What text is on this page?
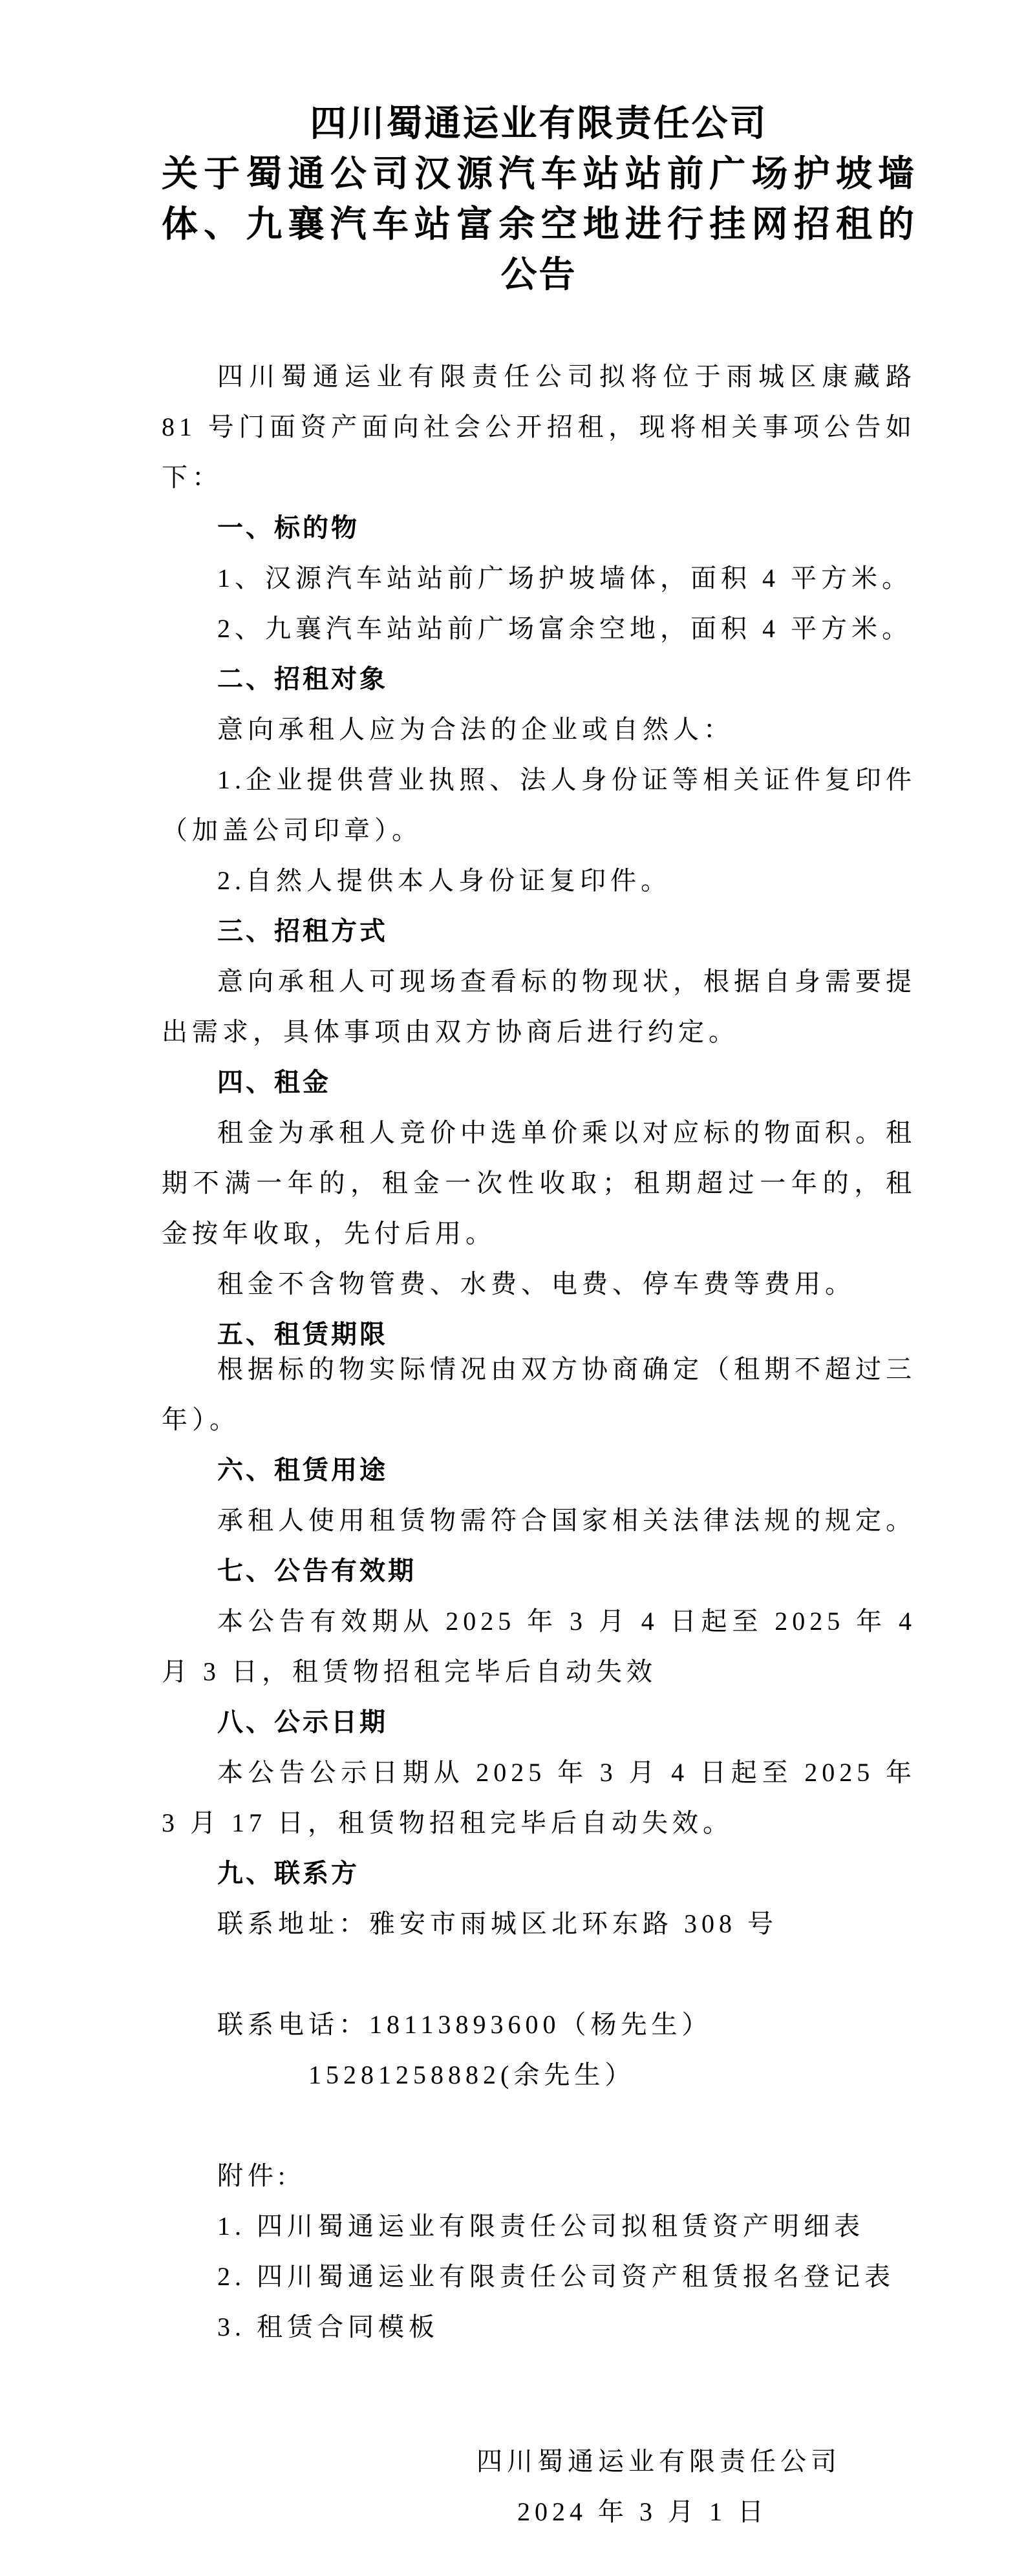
四川蜀通运业有限责任公司
关于蜀通公司汉源汽车站站前广场护坡墙
体、九襄汽车站富余空地进行挂网招租的
公告
四川蜀通运业有限责任公司拟将位于雨城区康藏路 81 号门面资产面向社会公开招租，现将相关事项公告如下：
一、标的物
1、汉源汽车站站前广场护坡墙体，面积 4 平方米。
2、九襄汽车站站前广场富余空地，面积 4 平方米。
二、招租对象
意向承租人应为合法的企业或自然人：
1.企业提供营业执照、法人身份证等相关证件复印件（加盖公司印章）。
2.自然人提供本人身份证复印件。
三、招租方式
意向承租人可现场查看标的物现状，根据自身需要提出需求，具体事项由双方协商后进行约定。
四、租金
租金为承租人竞价中选单价乘以对应标的物面积。租期不满一年的，租金一次性收取；租期超过一年的，租金按年收取，先付后用。
租金不含物管费、水费、电费、停车费等费用。
五、租赁期限
根据标的物实际情况由双方协商确定（租期不超过三年）。
六、租赁用途
承租人使用租赁物需符合国家相关法律法规的规定。
七、公告有效期
本公告有效期从 2025 年 3 月 4 日起至 2025 年 4 月 3 日，租赁物招租完毕后自动失效
八、公示日期
本公告公示日期从 2025 年 3 月 4 日起至 2025 年 3 月 17 日，租赁物招租完毕后自动失效。
九、联系方
联系地址：雅安市雨城区北环东路 308 号
联系电话：18113893600（杨先生）
15281258882(余先生）
附件:
1. 四川蜀通运业有限责任公司拟租赁资产明细表
2. 四川蜀通运业有限责任公司资产租赁报名登记表
3. 租赁合同模板
四川蜀通运业有限责任公司
2024 年 3 月 1 日
